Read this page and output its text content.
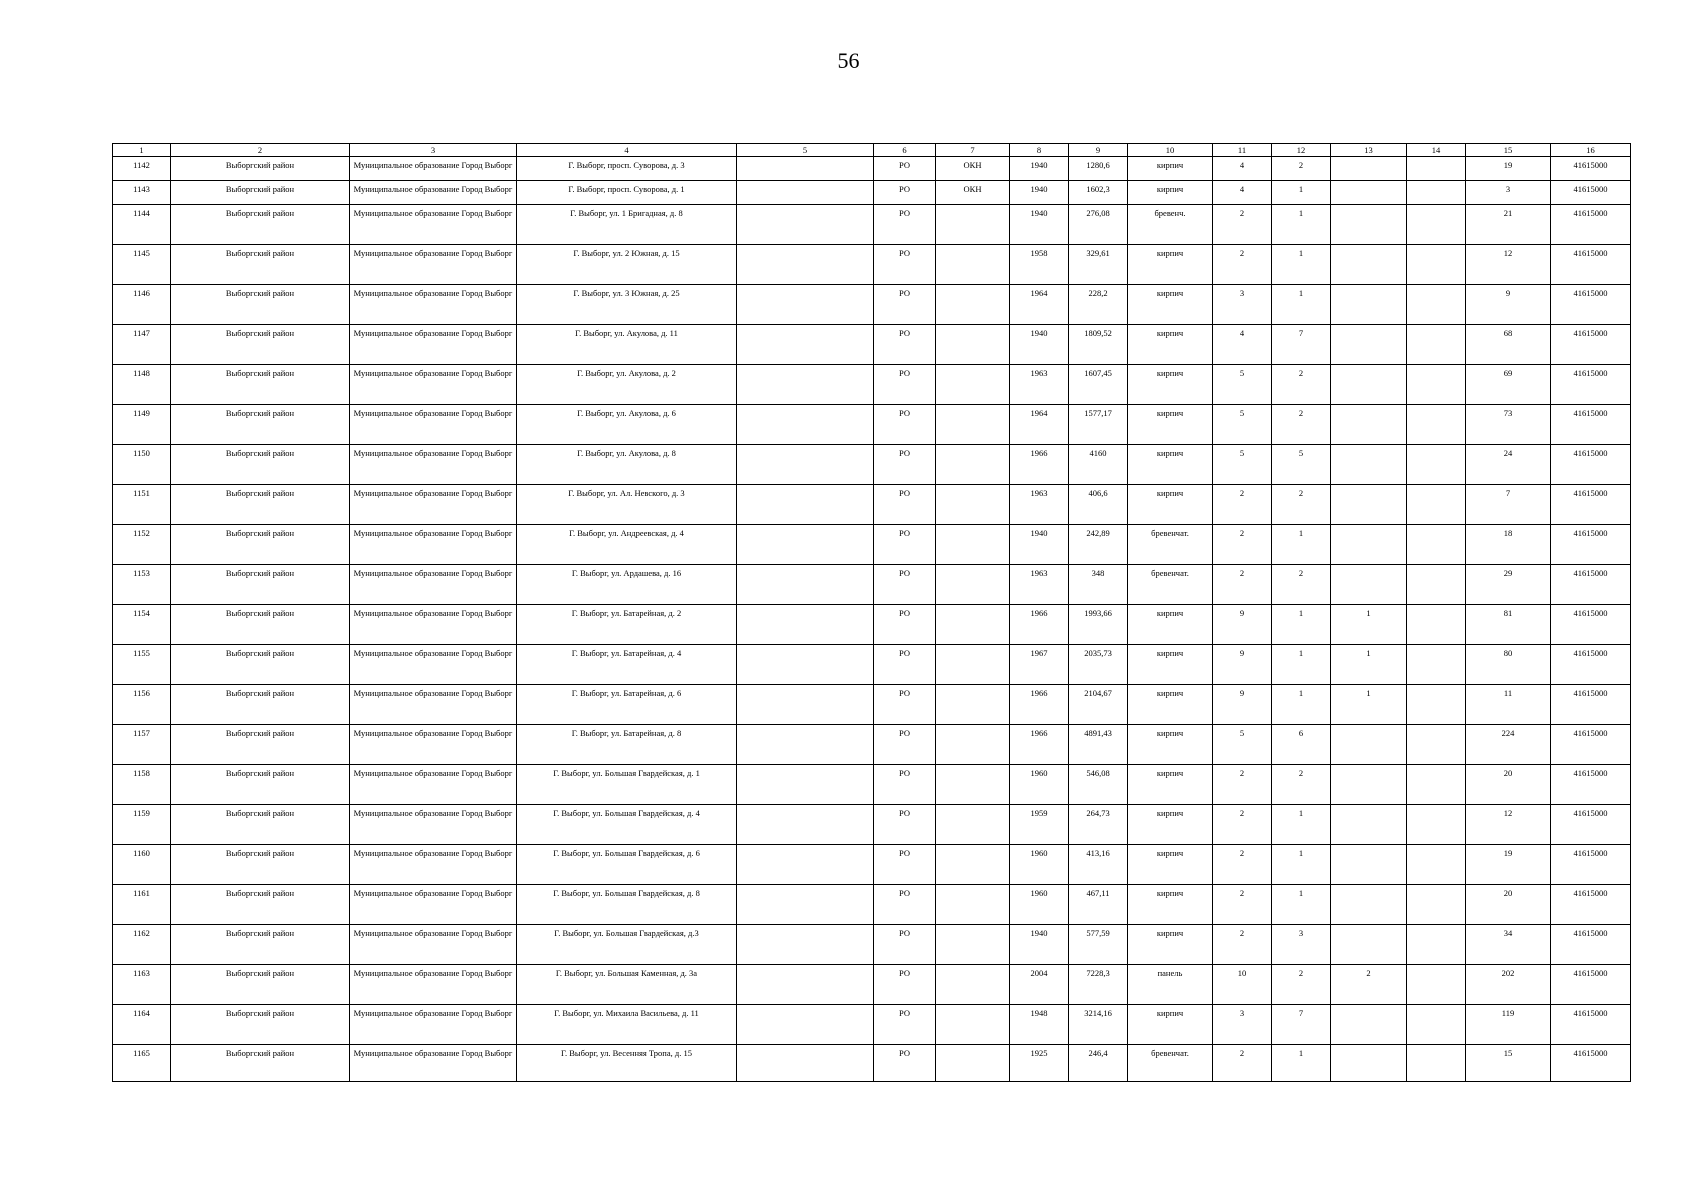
56
1	2	3	4	5	6	7	8	9	10	11	12	13	14	15	16
1142	Выборгский район	Муниципальное образование Город Выборг	Г. Выборг, просп. Суворова, д. 3		РО	ОКН	1940	1280,6	кирпич	4	2			19	41615000
1143	Выборгский район	Муниципальное образование Город Выборг	Г. Выборг, просп. Суворова, д. 1		РО	ОКН	1940	1602,3	кирпич	4	1			3	41615000
1144	Выборгский район	Муниципальное образование Город Выборг	Г. Выборг, ул. 1 Бригадная, д. 8		РО		1940	276,08	бревенч.	2	1			21	41615000
1145	Выборгский район	Муниципальное образование Город Выборг	Г. Выборг, ул. 2 Южная, д. 15		РО		1958	329,61	кирпич	2	1			12	41615000
1146	Выборгский район	Муниципальное образование Город Выборг	Г. Выборг, ул. 3 Южная, д. 25		РО		1964	228,2	кирпич	3	1			9	41615000
1147	Выборгский район	Муниципальное образование Город Выборг	Г. Выборг, ул. Акулова, д. 11		РО		1940	1809,52	кирпич	4	7			68	41615000
1148	Выборгский район	Муниципальное образование Город Выборг	Г. Выборг, ул. Акулова, д. 2		РО		1963	1607,45	кирпич	5	2			69	41615000
1149	Выборгский район	Муниципальное образование Город Выборг	Г. Выборг, ул. Акулова, д. 6		РО		1964	1577,17	кирпич	5	2			73	41615000
1150	Выборгский район	Муниципальное образование Город Выборг	Г. Выборг, ул. Акулова, д. 8		РО		1966	4160	кирпич	5	5			24	41615000
1151	Выборгский район	Муниципальное образование Город Выборг	Г. Выборг, ул. Ал. Невского, д. 3		РО		1963	406,6	кирпич	2	2			7	41615000
1152	Выборгский район	Муниципальное образование Город Выборг	Г. Выборг, ул. Андреевская, д. 4		РО		1940	242,89	бревенчат.	2	1			18	41615000
1153	Выборгский район	Муниципальное образование Город Выборг	Г. Выборг, ул. Ардашева, д. 16		РО		1963	348	бревенчат.	2	2			29	41615000
1154	Выборгский район	Муниципальное образование Город Выборг	Г. Выборг, ул. Батарейная, д. 2		РО		1966	1993,66	кирпич	9	1	1		81	41615000
1155	Выборгский район	Муниципальное образование Город Выборг	Г. Выборг, ул. Батарейная, д. 4		РО		1967	2035,73	кирпич	9	1	1		80	41615000
1156	Выборгский район	Муниципальное образование Город Выборг	Г. Выборг, ул. Батарейная, д. 6		РО		1966	2104,67	кирпич	9	1	1		11	41615000
1157	Выборгский район	Муниципальное образование Город Выборг	Г. Выборг, ул. Батарейная, д. 8		РО		1966	4891,43	кирпич	5	6			224	41615000
1158	Выборгский район	Муниципальное образование Город Выборг	Г. Выборг, ул. Большая Гвардейская, д. 1		РО		1960	546,08	кирпич	2	2			20	41615000
1159	Выборгский район	Муниципальное образование Город Выборг	Г. Выборг, ул. Большая Гвардейская, д. 4		РО		1959	264,73	кирпич	2	1			12	41615000
1160	Выборгский район	Муниципальное образование Город Выборг	Г. Выборг, ул. Большая Гвардейская, д. 6		РО		1960	413,16	кирпич	2	1			19	41615000
1161	Выборгский район	Муниципальное образование Город Выборг	Г. Выборг, ул. Большая Гвардейская, д. 8		РО		1960	467,11	кирпич	2	1			20	41615000
1162	Выборгский район	Муниципальное образование Город Выборг	Г. Выборг, ул. Большая Гвардейская, д.3		РО		1940	577,59	кирпич	2	3			34	41615000
1163	Выборгский район	Муниципальное образование Город Выборг	Г. Выборг, ул. Большая Каменная, д. 3а		РО		2004	7228,3	панель	10	2	2		202	41615000
1164	Выборгский район	Муниципальное образование Город Выборг	Г. Выборг, ул. Михаила Васильева, д. 11		РО		1948	3214,16	кирпич	3	7			119	41615000
1165	Выборгский район	Муниципальное образование Город Выборг	Г. Выборг, ул. Весенняя Тропа, д. 15		РО		1925	246,4	бревенчат.	2	1			15	41615000
